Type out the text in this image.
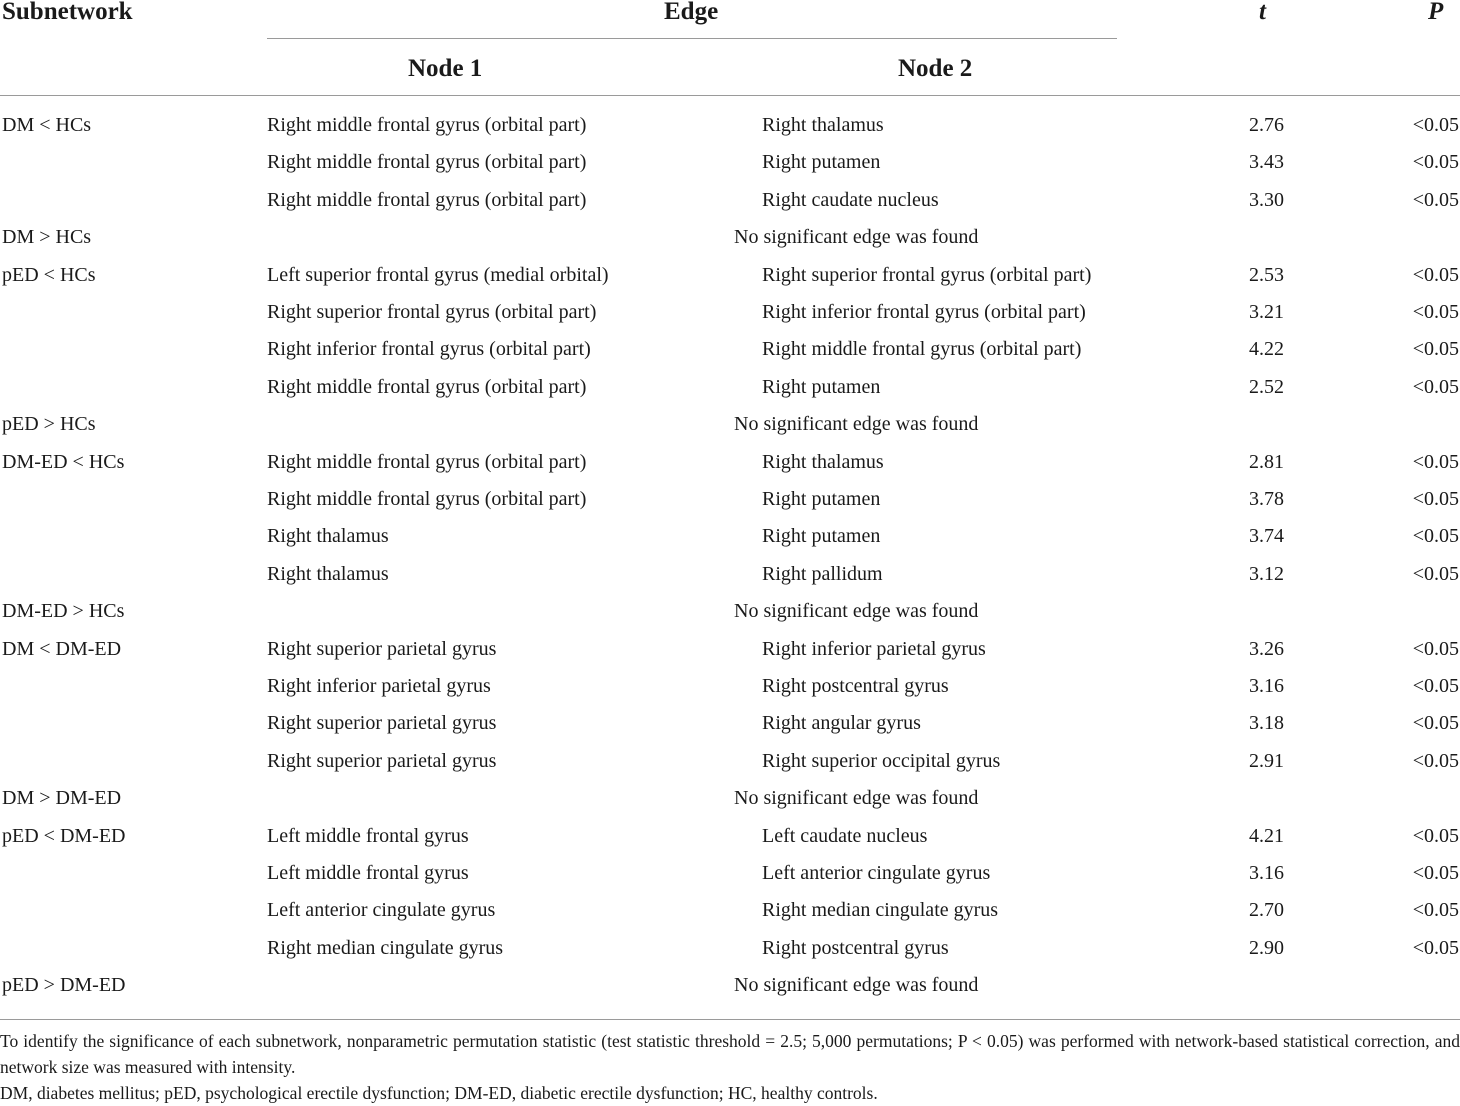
Subnetwork	Edge	t	P
Node 1	Node 2
DM < HCs	Right middle frontal gyrus (orbital part)	Right thalamus	2.76	<0.05
Right middle frontal gyrus (orbital part)	Right putamen	3.43	<0.05
Right middle frontal gyrus (orbital part)	Right caudate nucleus	3.30	<0.05
DM > HCs	No significant edge was found
pED < HCs	Left superior frontal gyrus (medial orbital)	Right superior frontal gyrus (orbital part)	2.53	<0.05
Right superior frontal gyrus (orbital part)	Right inferior frontal gyrus (orbital part)	3.21	<0.05
Right inferior frontal gyrus (orbital part)	Right middle frontal gyrus (orbital part)	4.22	<0.05
Right middle frontal gyrus (orbital part)	Right putamen	2.52	<0.05
pED > HCs	No significant edge was found
DM-ED < HCs	Right middle frontal gyrus (orbital part)	Right thalamus	2.81	<0.05
Right middle frontal gyrus (orbital part)	Right putamen	3.78	<0.05
Right thalamus	Right putamen	3.74	<0.05
Right thalamus	Right pallidum	3.12	<0.05
DM-ED > HCs	No significant edge was found
DM < DM-ED	Right superior parietal gyrus	Right inferior parietal gyrus	3.26	<0.05
Right inferior parietal gyrus	Right postcentral gyrus	3.16	<0.05
Right superior parietal gyrus	Right angular gyrus	3.18	<0.05
Right superior parietal gyrus	Right superior occipital gyrus	2.91	<0.05
DM > DM-ED	No significant edge was found
pED < DM-ED	Left middle frontal gyrus	Left caudate nucleus	4.21	<0.05
Left middle frontal gyrus	Left anterior cingulate gyrus	3.16	<0.05
Left anterior cingulate gyrus	Right median cingulate gyrus	2.70	<0.05
Right median cingulate gyrus	Right postcentral gyrus	2.90	<0.05
pED > DM-ED	No significant edge was found
To identify the significance of each subnetwork, nonparametric permutation statistic (test statistic threshold = 2.5; 5,000 permutations; P < 0.05) was performed with network-based statistical correction, and network size was measured with intensity.
DM, diabetes mellitus; pED, psychological erectile dysfunction; DM-ED, diabetic erectile dysfunction; HC, healthy controls.
